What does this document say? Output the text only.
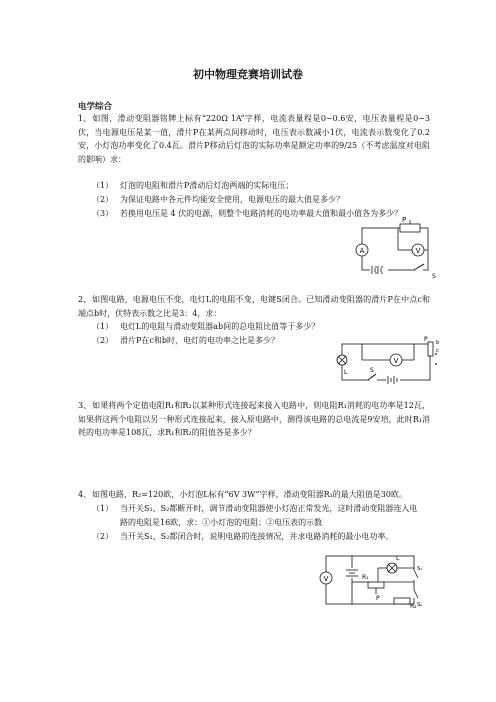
初中物理竞赛培训试卷
电学综合
1、如图，滑动变阻器铭牌上标有“220Ω 1A”字样，电流表量程是0~0.6安，电压表量程是0~3伏，当电源电压是某一值，滑片P在某两点间移动时，电压表示数减小1伏，电流表示数变化了0.2安，小灯泡功率变化了0.4瓦。滑片P移动后灯泡的实际功率是额定功率的9/25（不考虑温度对电阻的影响）求：
（1） 灯泡的电阻和滑片P滑动后灯泡两端的实际电压；
（2） 为保证电路中各元件均能安全使用，电源电压的最大值是多少？
（3） 若换用电压是 4 伏的电源，则整个电路消耗的电功率最大值和最小值各为多少？
A	V
P
S
2、如图电路，电源电压不变，电灯L的电阻不变，电键S闭合。已知滑动变阻器的滑片P在中点c和端点b时，伏特表示数之比是3：4，求：
（1） 电灯L的电阻与滑动变阻器ab间的总电阻比值等于多少？
（2） 滑片P在c和b时，电灯的电功率之比是多少？
V
L
P b
c
S
3、如果将两个定值电阻R₁和R₂以某种形式连接起来接入电路中，则电阻R₁消耗的电功率是12瓦，如果将这两个电阻以另一种形式连接起来，接入原电路中，测得该电路的总电流是9安培，此时R₁消耗的电功率是108瓦，求R₁和R₂的阻值各是多少？
4、如图电路，R₂=120欧，小灯泡L标有“6V 3W”字样，滑动变阻器R₁的最大阻值是30欧。
（1） 当开关S₁、S₂都断开时，调节滑动变阻器使小灯泡正常发光，这时滑动变阻器连入电路的电阻是16欧，求：①小灯泡的电阻；②电压表的示数
（2） 当开关S₁、S₂都闭合时，说明电路的连接情况，并求电路消耗的最小电功率。
V
L
R₁
P
R₂
S₁
S₂
